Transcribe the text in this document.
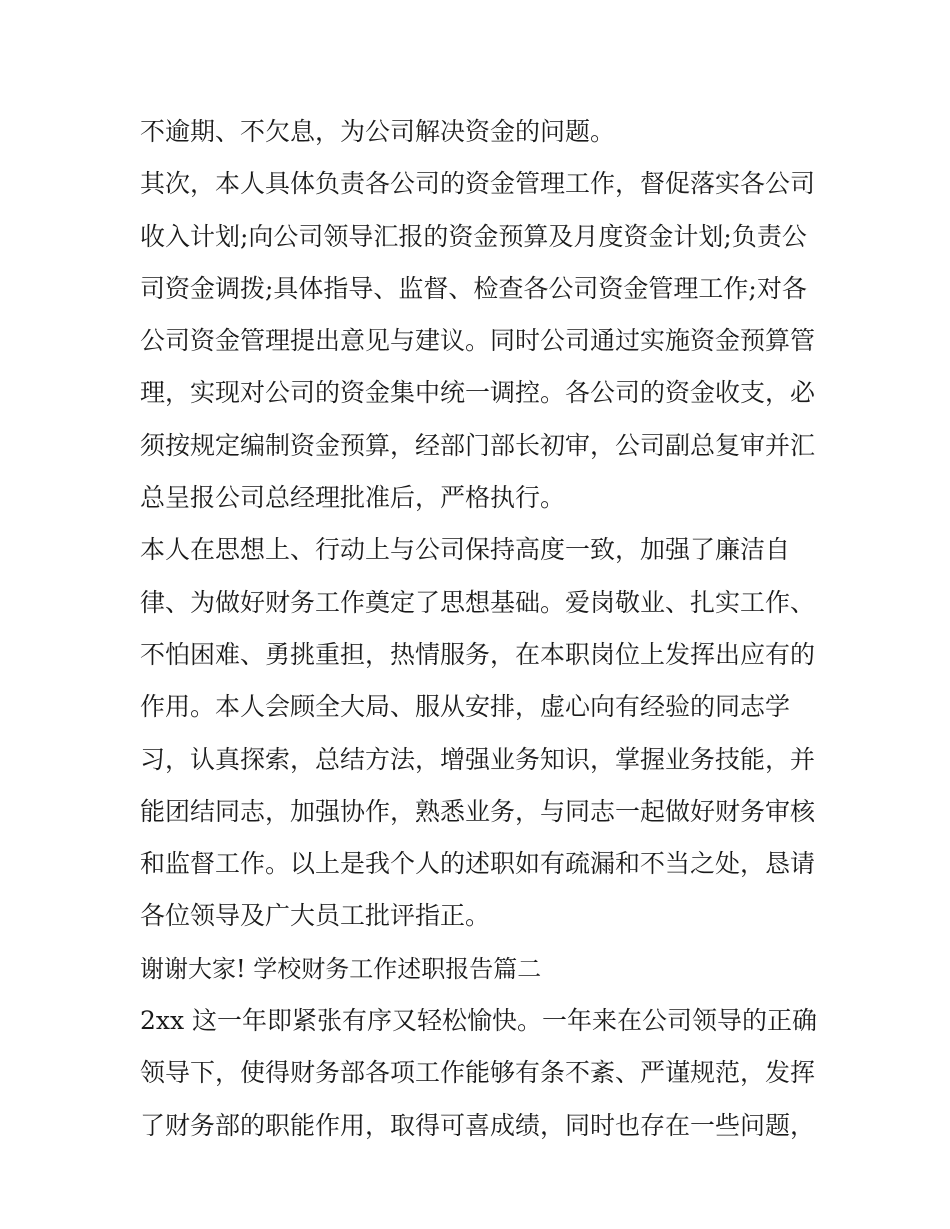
不逾期、不欠息，为公司解决资金的问题。
其次，本人具体负责各公司的资金管理工作，督促落实各公司
收入计划;向公司领导汇报的资金预算及月度资金计划;负责公
司资金调拨;具体指导、监督、检查各公司资金管理工作;对各
公司资金管理提出意见与建议。同时公司通过实施资金预算管
理，实现对公司的资金集中统一调控。各公司的资金收支，必
须按规定编制资金预算，经部门部长初审，公司副总复审并汇
总呈报公司总经理批准后，严格执行。
本人在思想上、行动上与公司保持高度一致，加强了廉洁自
律、为做好财务工作奠定了思想基础。爱岗敬业、扎实工作、
不怕困难、勇挑重担，热情服务，在本职岗位上发挥出应有的
作用。本人会顾全大局、服从安排，虚心向有经验的同志学
习，认真探索，总结方法，增强业务知识，掌握业务技能，并
能团结同志，加强协作，熟悉业务，与同志一起做好财务审核
和监督工作。以上是我个人的述职如有疏漏和不当之处，恳请
各位领导及广大员工批评指正。
谢谢大家! 学校财务工作述职报告篇二
2xx 这一年即紧张有序又轻松愉快。一年来在公司领导的正确
领导下，使得财务部各项工作能够有条不紊、严谨规范，发挥
了财务部的职能作用，取得可喜成绩，同时也存在一些问题，
